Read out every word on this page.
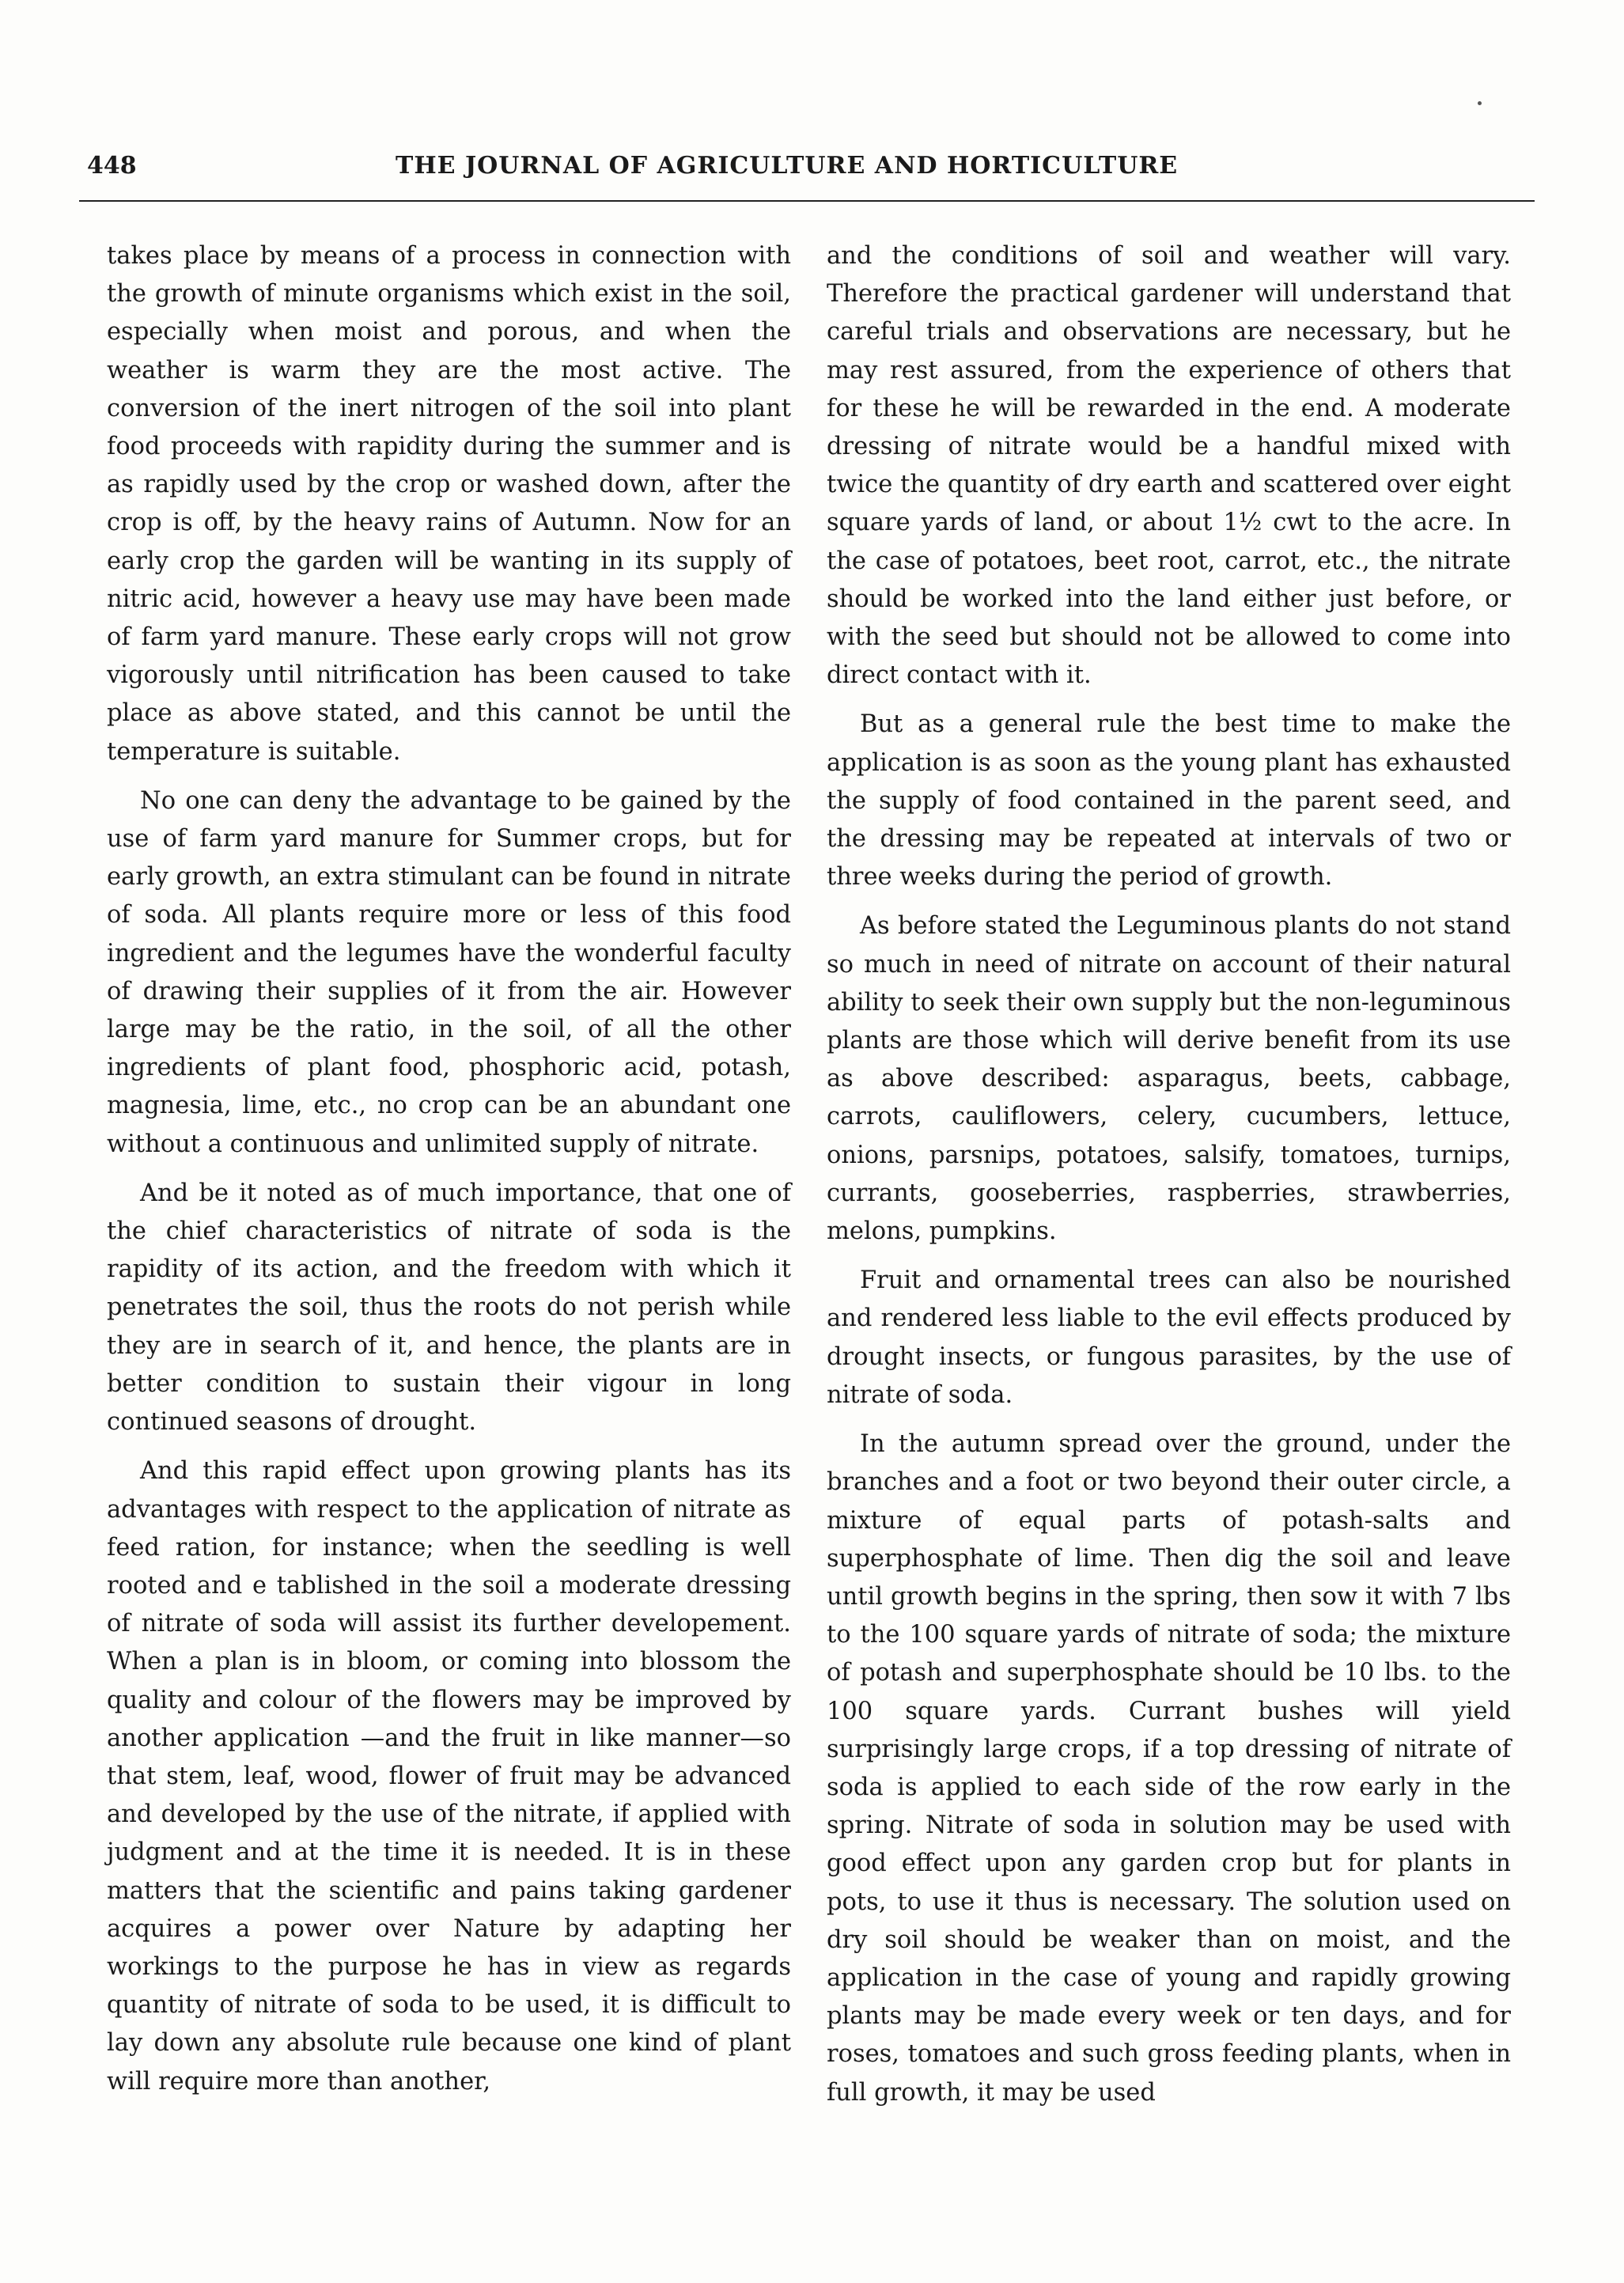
448	THE JOURNAL OF AGRICULTURE AND HORTICULTURE

takes place by means of a process in connection with the growth of minute organisms which exist in the soil, especially when moist and porous, and when the weather is warm they are the most active. The conversion of the inert nitrogen of the soil into plant food proceeds with rapidity during the summer and is as rapidly used by the crop or washed down, after the crop is off, by the heavy rains of Autumn. Now for an early crop the garden will be wanting in its supply of nitric acid, however a heavy use may have been made of farm yard manure. These early crops will not grow vigorously until nitrification has been caused to take place as above stated, and this cannot be until the temperature is suitable.

No one can deny the advantage to be gained by the use of farm yard manure for Summer crops, but for early growth, an extra stimulant can be found in nitrate of soda. All plants require more or less of this food ingredient and the legumes have the wonderful faculty of drawing their supplies of it from the air. However large may be the ratio, in the soil, of all the other ingredients of plant food, phosphoric acid, potash, magnesia, lime, etc., no crop can be an abundant one without a continuous and unlimited supply of nitrate.

And be it noted as of much importance, that one of the chief characteristics of nitrate of soda is the rapidity of its action, and the freedom with which it penetrates the soil, thus the roots do not perish while they are in search of it, and hence, the plants are in better condition to sustain their vigour in long continued seasons of drought.

And this rapid effect upon growing plants has its advantages with respect to the application of nitrate as feed ration, for instance; when the seedling is well rooted and e tablished in the soil a moderate dressing of nitrate of soda will assist its further developement. When a plan is in bloom, or coming into blossom the quality and colour of the flowers may be improved by another application —and the fruit in like manner—so that stem, leaf, wood, flower of fruit may be advanced and developed by the use of the nitrate, if applied with judgment and at the time it is needed. It is in these matters that the scientific and pains taking gardener acquires a power over Nature by adapting her workings to the purpose he has in view as regards quantity of nitrate of soda to be used, it is difficult to lay down any absolute rule because one kind of plant will require more than another,

and the conditions of soil and weather will vary. Therefore the practical gardener will understand that careful trials and observations are necessary, but he may rest assured, from the experience of others that for these he will be rewarded in the end. A moderate dressing of nitrate would be a handful mixed with twice the quantity of dry earth and scattered over eight square yards of land, or about 1½ cwt to the acre. In the case of potatoes, beet root, carrot, etc., the nitrate should be worked into the land either just before, or with the seed but should not be allowed to come into direct contact with it.

But as a general rule the best time to make the application is as soon as the young plant has exhausted the supply of food contained in the parent seed, and the dressing may be repeated at intervals of two or three weeks during the period of growth.

As before stated the Leguminous plants do not stand so much in need of nitrate on account of their natural ability to seek their own supply but the non-leguminous plants are those which will derive benefit from its use as above described: asparagus, beets, cabbage, carrots, cauliflowers, celery, cucumbers, lettuce, onions, parsnips, potatoes, salsify, tomatoes, turnips, currants, gooseberries, raspberries, strawberries, melons, pumpkins.

Fruit and ornamental trees can also be nourished and rendered less liable to the evil effects produced by drought insects, or fungous parasites, by the use of nitrate of soda.

In the autumn spread over the ground, under the branches and a foot or two beyond their outer circle, a mixture of equal parts of potash-salts and superphosphate of lime. Then dig the soil and leave until growth begins in the spring, then sow it with 7 lbs to the 100 square yards of nitrate of soda; the mixture of potash and superphosphate should be 10 lbs. to the 100 square yards. Currant bushes will yield surprisingly large crops, if a top dressing of nitrate of soda is applied to each side of the row early in the spring. Nitrate of soda in solution may be used with good effect upon any garden crop but for plants in pots, to use it thus is necessary. The solution used on dry soil should be weaker than on moist, and the application in the case of young and rapidly growing plants may be made every week or ten days, and for roses, tomatoes and such gross feeding plants, when in full growth, it may be used
